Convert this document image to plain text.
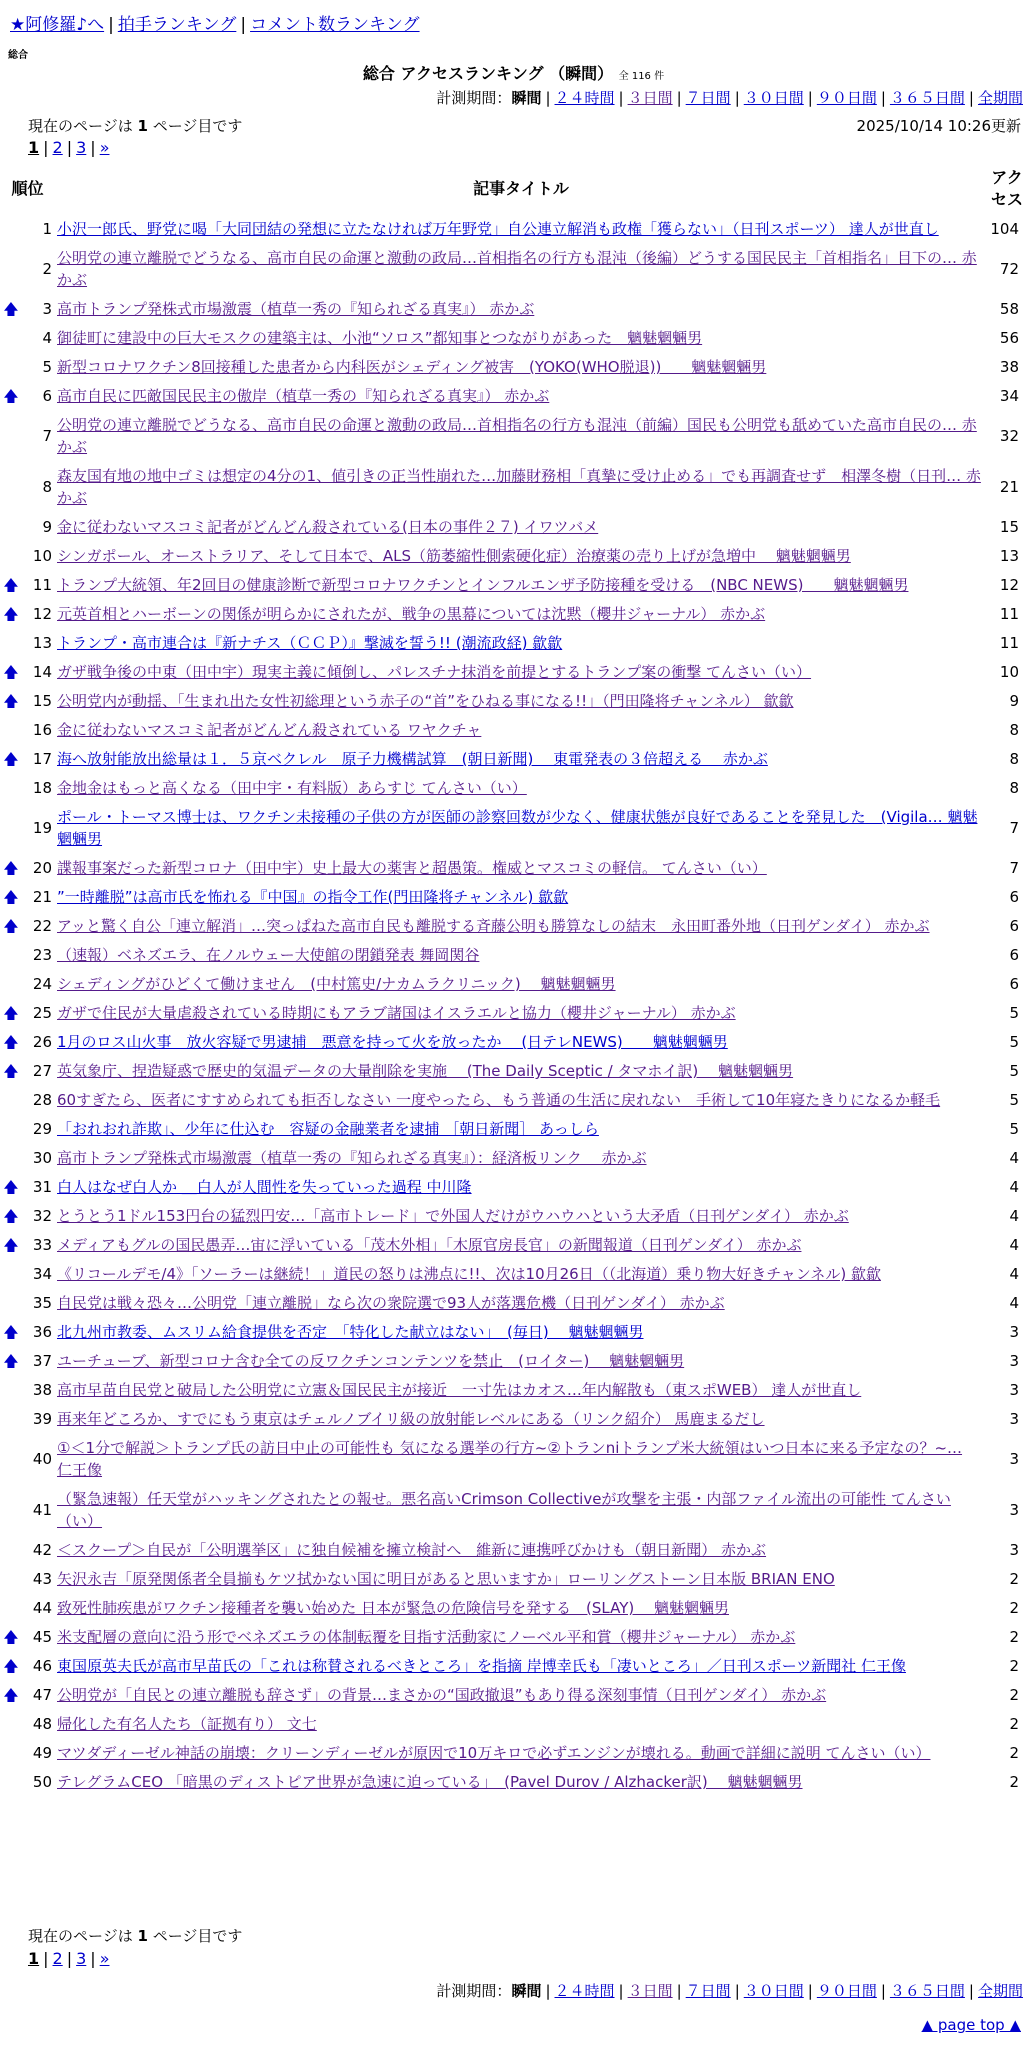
★阿修羅♪へ | 拍手ランキング | コメント数ランキング
総合
総合 アクセスランキング （瞬間） 全 116 件
計測期間：瞬間 | ２４時間 | ３日間 | ７日間 | ３０日間 | ９０日間 | ３６５日間 | 全期間
現在のページは 1 ページ目です	2025/10/14 10:26更新
1 | 2 | 3 | »
順位		記事タイトル	アクセス
	1	小沢一郎氏、野党に喝「大同団結の発想に立たなければ万年野党」自公連立解消も政権「獲らない」（日刊スポーツ） 達人が世直し	104
	2	公明党の連立離脱でどうなる、高市自民の命運と激動の政局…首相指名の行方も混沌（後編）どうする国民民主「首相指名」目下の… 赤かぶ	72
🡅	3	高市トランプ発株式市場激震（植草一秀の『知られざる真実』） 赤かぶ	58
	4	御徒町に建設中の巨大モスクの建築主は、小池“ソロス”都知事とつながりがあった　魑魅魍魎男	56
	5	新型コロナワクチン8回接種した患者から内科医がシェディング被害　(YOKO(WHO脱退))　　魑魅魍魎男	38
🡅	6	高市自民に匹敵国民民主の傲岸（植草一秀の『知られざる真実』） 赤かぶ	34
	7	公明党の連立離脱でどうなる、高市自民の命運と激動の政局…首相指名の行方も混沌（前編）国民も公明党も舐めていた高市自民の… 赤かぶ	32
	8	森友国有地の地中ゴミは想定の4分の1、値引きの正当性崩れた…加藤財務相「真摯に受け止める」でも再調査せず　相澤冬樹（日刊… 赤かぶ	21
	9	金に従わないマスコミ記者がどんどん殺されている(日本の事件２７) イワツバメ	15
	10	シンガポール、オーストラリア、そして日本で、ALS（筋萎縮性側索硬化症）治療薬の売り上げが急増中　 魑魅魍魎男	13
🡅	11	トランプ大統領、年2回目の健康診断で新型コロナワクチンとインフルエンザ予防接種を受ける　(NBC NEWS)　　魑魅魍魎男	12
🡅	12	元英首相とハーボーンの関係が明らかにされたが、戦争の黒幕については沈黙（櫻井ジャーナル） 赤かぶ	11
	13	トランプ・高市連合は『新ナチス（ＣＣＰ）』撃滅を誓う!! (潮流政経) 歙歙	11
🡅	14	ガザ戦争後の中東（田中宇）現実主義に傾倒し、パレスチナ抹消を前提とするトランプ案の衝撃 てんさい（い）	10
🡅	15	公明党内が動揺、「生まれ出た女性初総理という赤子の“首”をひねる事になる!!」（門田隆将チャンネル） 歙歙	9
	16	金に従わないマスコミ記者がどんどん殺されている ワヤクチャ	8
🡅	17	海へ放射能放出総量は１．５京ベクレル　原子力機構試算　(朝日新聞)　 東電発表の３倍超える　 赤かぶ	8
	18	金地金はもっと高くなる（田中宇・有料版）あらすじ てんさい（い）	8
	19	ポール・トーマス博士は、ワクチン未接種の子供の方が医師の診察回数が少なく、健康状態が良好であることを発見した　(Vigila… 魑魅魍魎男	7
🡅	20	諜報事案だった新型コロナ（田中宇）史上最大の薬害と超愚策。権威とマスコミの軽信。 てんさい（い）	7
🡅	21	”一時離脱”は高市氏を怖れる『中国』の指令工作(門田隆将チャンネル) 歙歙	6
🡅	22	アッと驚く自公「連立解消」…突っぱねた高市自民も離脱する斉藤公明も勝算なしの結末　永田町番外地（日刊ゲンダイ） 赤かぶ	6
	23	（速報）ベネズエラ、在ノルウェー大使館の閉鎖発表 舞岡関谷	6
	24	シェディングがひどくて働けません　(中村篤史/ナカムラクリニック)　 魑魅魍魎男	6
🡅	25	ガザで住民が大量虐殺されている時期にもアラブ諸国はイスラエルと協力（櫻井ジャーナル） 赤かぶ	5
🡅	26	1月のロス山火事　放火容疑で男逮捕　悪意を持って火を放ったか　 (日テレNEWS)　　魑魅魍魎男	5
🡅	27	英気象庁、捏造疑惑で歴史的気温データの大量削除を実施　 (The Daily Sceptic / タマホイ訳)　 魑魅魍魎男	5
	28	60すぎたら、医者にすすめられても拒否しなさい 一度やったら、もう普通の生活に戻れない　手術して10年寝たきりになるか軽毛	5
	29	「おれおれ詐欺」、少年に仕込む　容疑の金融業者を逮捕 ［朝日新聞］ あっしら	5
	30	高市トランプ発株式市場激震（植草一秀の『知られざる真実』）：経済板リンク　 赤かぶ	4
🡅	31	白人はなぜ白人か ＿白人が人間性を失っていった過程 中川隆	4
🡅	32	とうとう1ドル153円台の猛烈円安…「高市トレード」で外国人だけがウハウハという大矛盾（日刊ゲンダイ） 赤かぶ	4
🡅	33	メディアもグルの国民愚弄…宙に浮いている「茂木外相」「木原官房長官」の新聞報道（日刊ゲンダイ） 赤かぶ	4
	34	《リコールデモ/4》「ソーラーは継続！」道民の怒りは沸点に!!、次は10月26日（（北海道）乗り物大好きチャンネル) 歙歙	4
	35	自民党は戦々恐々…公明党「連立離脱」なら次の衆院選で93人が落選危機（日刊ゲンダイ） 赤かぶ	4
🡅	36	北九州市教委、ムスリム給食提供を否定　「特化した献立はない」　(毎日)　 魑魅魍魎男	3
🡅	37	ユーチューブ、新型コロナ含む全ての反ワクチンコンテンツを禁止　(ロイター)　 魑魅魍魎男	3
	38	高市早苗自民党と破局した公明党に立憲＆国民民主が接近　一寸先はカオス…年内解散も（東スポWEB） 達人が世直し	3
	39	再来年どころか、すでにもう東京はチェルノブイリ級の放射能レベルにある（リンク紹介） 馬鹿まるだし	3
	40	①＜1分で解説＞トランプ氏の訪日中止の可能性も 気になる選挙の行方~②トランniトランプ米大統領はいつ日本に来る予定なの？~… 仁王像	3
	41	（緊急速報）任天堂がハッキングされたとの報せ。悪名高いCrimson Collectiveが攻撃を主張・内部ファイル流出の可能性 てんさい（い）	3
	42	＜スクープ＞自民が「公明選挙区」に独自候補を擁立検討へ　維新に連携呼びかけも（朝日新聞） 赤かぶ	3
	43	矢沢永吉「原発関係者全員揃もケツ拭かない国に明日があると思いますか」ローリングストーン日本版 BRIAN ENO	2
	44	致死性肺疾患がワクチン接種者を襲い始めた 日本が緊急の危険信号を発する　(SLAY)　 魑魅魍魎男	2
🡅	45	米支配層の意向に沿う形でベネズエラの体制転覆を目指す活動家にノーベル平和賞（櫻井ジャーナル） 赤かぶ	2
🡅	46	東国原英夫氏が高市早苗氏の「これは称賛されるべきところ」を指摘 岸博幸氏も「凄いところ」／日刊スポーツ新聞社 仁王像	2
🡅	47	公明党が「自民との連立離脱も辞さず」の背景…まさかの“国政撤退”もあり得る深刻事情（日刊ゲンダイ） 赤かぶ	2
	48	帰化した有名人たち（証拠有り） 文七	2
	49	マツダディーゼル神話の崩壊：クリーンディーゼルが原因で10万キロで必ずエンジンが壊れる。動画で詳細に説明 てんさい（い）	2
	50	テレグラムCEO 「暗黒のディストピア世界が急速に迫っている」　(Pavel Durov / Alzhacker訳)　 魑魅魍魎男	2
現在のページは 1 ページ目です
1 | 2 | 3 | »
計測期間：瞬間 | ２４時間 | ３日間 | ７日間 | ３０日間 | ９０日間 | ３６５日間 | 全期間
▲ page top ▲
